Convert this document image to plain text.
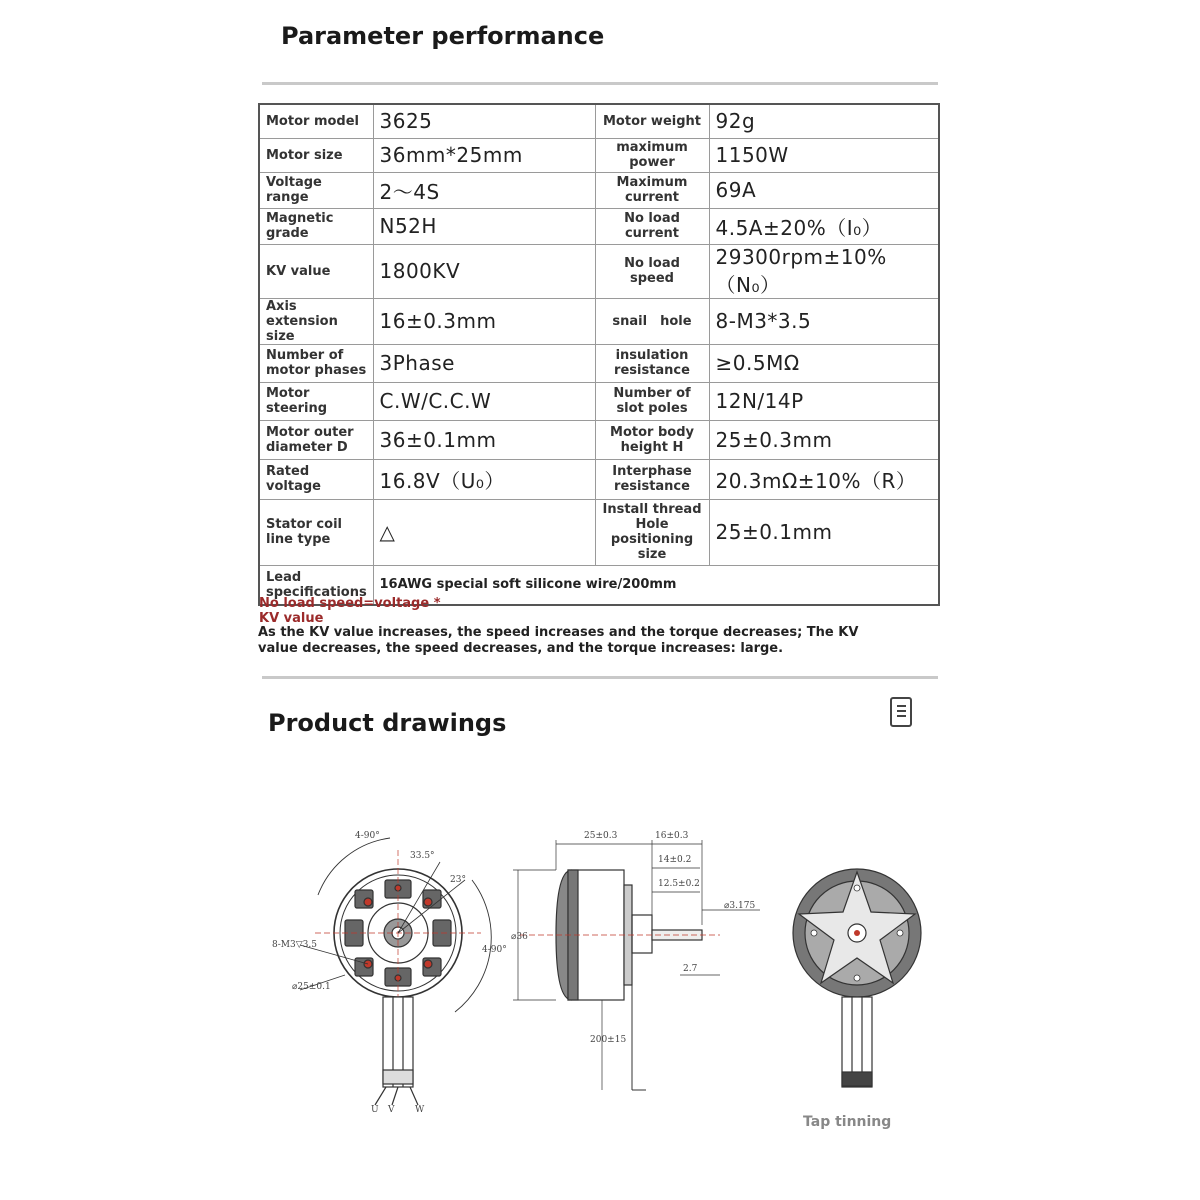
Parameter performance
Motor model	3625	Motor weight	92g
Motor size	36mm*25mm	maximum power	1150W
Voltage range	2～4S	Maximum current	69A
Magnetic grade	N52H	No load current	4.5A±20%（I₀）
KV value	1800KV	No load speed	29300rpm±10%（N₀）
Axis extension size	16±0.3mm	snail　hole	8-M3*3.5
Number of motor phases	3Phase	insulation resistance	≥0.5MΩ
Motor steering	C.W/C.C.W	Number of slot poles	12N/14P
Motor outer diameter D	36±0.1mm	Motor body height H	25±0.3mm
Rated voltage	16.8V（U₀）	Interphase resistance	20.3mΩ±10%（R）
Stator coil line type	△	Install thread Hole positioning size	25±0.1mm
Lead specifications	16AWG special soft silicone wire/200mm		
No load speed=voltage * KV value
As the KV value increases, the speed increases and the torque decreases; The KV value decreases, the speed decreases, and the torque increases: large.
Product drawings
4-90°
33.5°
23°
4-90°
8-M3▽3.5
⌀25±0.1
U V W
25±0.3	16±0.3
14±0.2
12.5±0.2
⌀36
⌀3.175
2.7
200±15
Tap tinning
